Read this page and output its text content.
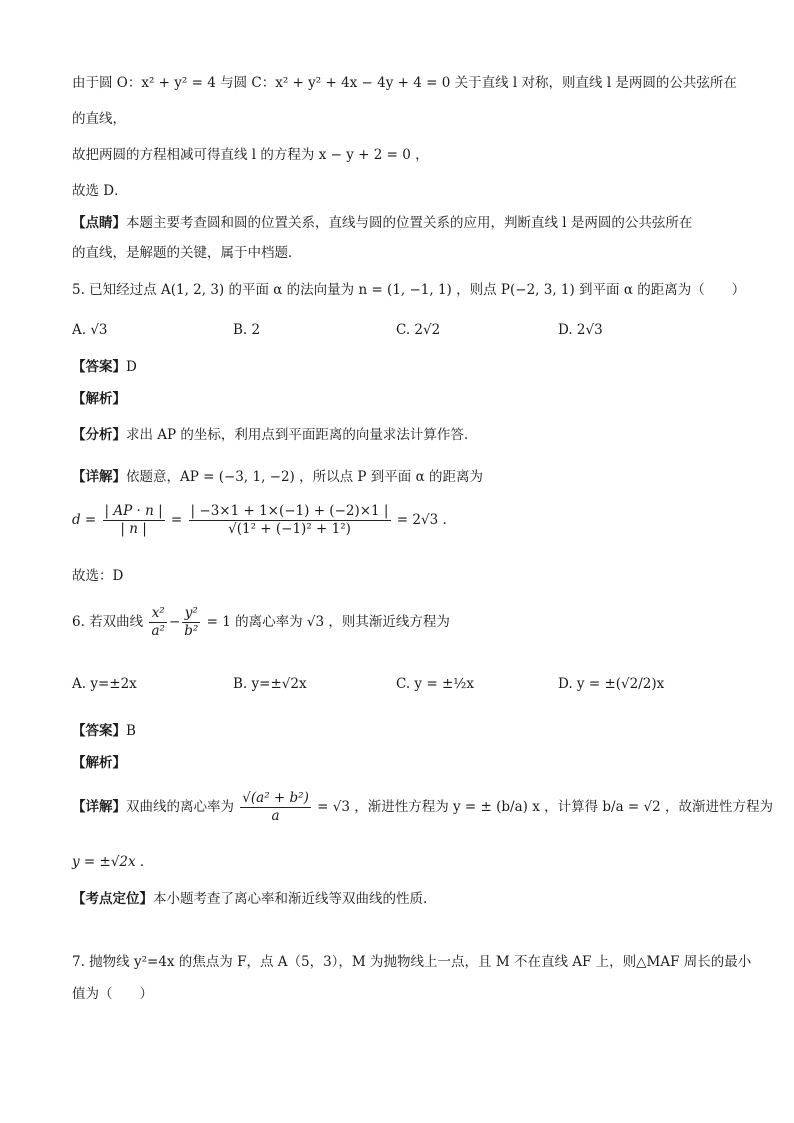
由于圆 O：x² + y² = 4 与圆 C：x² + y² + 4x − 4y + 4 = 0 关于直线 l 对称，则直线 l 是两圆的公共弦所在
的直线，
故把两圆的方程相减可得直线 l 的方程为 x − y + 2 = 0 ，
故选 D．
【点睛】本题主要考查圆和圆的位置关系，直线与圆的位置关系的应用，判断直线 l 是两圆的公共弦所在
的直线，是解题的关键，属于中档题．
5. 已知经过点 A(1, 2, 3) 的平面 α 的法向量为 n = (1, −1, 1) ，则点 P(−2, 3, 1) 到平面 α 的距离为（　　）
A. √3	B. 2	C. 2√2	D. 2√3
【答案】D
【解析】
【分析】求出 AP 的坐标，利用点到平面距离的向量求法计算作答.
【详解】依题意，AP = (−3, 1, −2) ，所以点 P 到平面 α 的距离为
$d = \frac{| AP \cdot n |}{| n |} = \frac{| -3\times 1 + 1\times(-1) + (-2)\times 1 |}{\text{√(1² + (−1)² + 1²)}} = 2√3$ .
故选：D
6. 若双曲线 $\frac{\text{x²}}{\text{a²}} - \frac{\text{y²}}{\text{b²}} = 1$ 的离心率为 √3 ，则其渐近线方程为
A. y=±2x	B. y=±√2x	C. y = ±½x	D. y = ±(√2/2)x
【答案】B
【解析】
【详解】双曲线的离心率为 $\frac{\text{√(a² + b²)}}{a} = √3$ ，渐进性方程为 y = ± (b/a) x ，计算得 b/a = √2 ，故渐进性方程为
y = ±√2x .
【考点定位】本小题考查了离心率和渐近线等双曲线的性质.
7. 抛物线 y²=4x 的焦点为 F，点 A（5，3），M 为抛物线上一点，且 M 不在直线 AF 上，则△MAF 周长的最小
值为（　　）
